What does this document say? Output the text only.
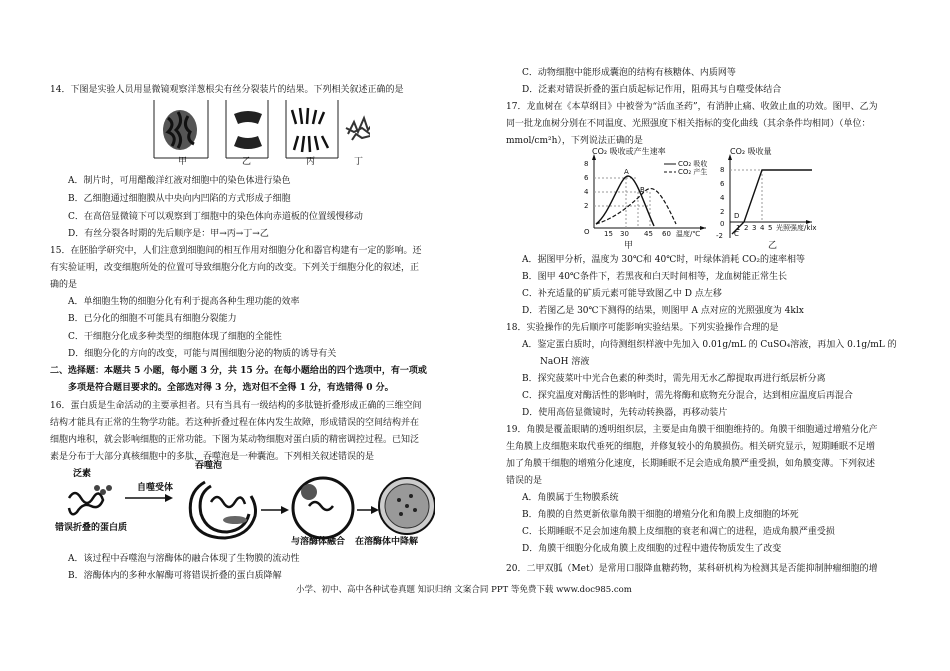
14．下图是实验人员用显微镜观察洋葱根尖有丝分裂装片的结果。下列相关叙述正确的是
甲	乙	丙	丁
A．制片时，可用醋酸洋红液对细胞中的染色体进行染色
B．乙细胞通过细胞膜从中央向内凹陷的方式形成子细胞
C．在高倍显微镜下可以观察到丁细胞中的染色体向赤道板的位置缓慢移动
D．有丝分裂各时期的先后顺序是：甲→丙→丁→乙
15．在胚胎学研究中，人们注意到细胞间的相互作用对细胞分化和器官构建有一定的影响。还
有实验证明，改变细胞所处的位置可导致细胞分化方向的改变。下列关于细胞分化的叙述，正
确的是
A．单细胞生物的细胞分化有利于提高各种生理功能的效率
B．已分化的细胞不可能具有细胞分裂能力
C．干细胞分化成多种类型的细胞体现了细胞的全能性
D．细胞分化的方向的改变，可能与周围细胞分泌的物质的诱导有关
二、选择题：本题共 5 小题，每小题 3 分，共 15 分。在每小题给出的四个选项中，有一项或
多项是符合题目要求的。全部选对得 3 分，选对但不全得 1 分，有选错得 0 分。
16．蛋白质是生命活动的主要承担者。只有当具有一级结构的多肽链折叠形成正确的三维空间
结构才能具有正常的生物学功能。若这种折叠过程在体内发生故障，形成错误的空间结构并在
细胞内堆积，就会影响细胞的正常功能。下图为某动物细胞对蛋白质的精密调控过程。已知泛
素是分布于大部分真核细胞中的多肽，吞噬泡是一种囊泡。下列相关叙述错误的是
泛素
自噬受体
吞噬泡
错误折叠的蛋白质
与溶酶体融合 在溶酶体中降解
A．该过程中吞噬泡与溶酶体的融合体现了生物膜的流动性
B．溶酶体内的多种水解酶可将错误折叠的蛋白质降解
C．动物细胞中能形成囊泡的结构有核糖体、内质网等
D．泛素对错误折叠的蛋白质起标记作用，阻碍其与自噬受体结合
17．龙血树在《本草纲目》中被誉为“活血圣药”，有消肿止痛、收敛止血的功效。图甲、乙为
同一批龙血树分别在不同温度、光照强度下相关指标的变化曲线（其余条件均相同）（单位：
mmol/cm²h），下列说法正确的是
CO₂ 吸收或产生速率
CO₂ 吸收
CO₂ 产生
8
6
4
2
O 15 30 45 60 温度/℃
A
B
甲
CO₂ 吸收量
8
6
4
2
0
-2
1 2 3 4 5 光照强度/klx
D
C
乙
A．据图甲分析，温度为 30℃和 40℃时，叶绿体消耗 CO₂的速率相等
B．图甲 40℃条件下，若黑夜和白天时间相等，龙血树能正常生长
C．补充适量的矿质元素可能导致图乙中 D 点左移
D．若图乙是 30℃下测得的结果，则图甲 A 点对应的光照强度为 4klx
18．实验操作的先后顺序可能影响实验结果。下列实验操作合理的是
A．鉴定蛋白质时，向待测组织样液中先加入 0.01g/mL 的 CuSO₄溶液，再加入 0.1g/mL 的
NaOH 溶液
B．探究菠菜叶中光合色素的种类时，需先用无水乙醇提取再进行纸层析分离
C．探究温度对酶活性的影响时，需先将酶和底物充分混合，达到相应温度后再混合
D．使用高倍显微镜时，先转动转换器，再移动装片
19．角膜是覆盖眼睛的透明组织层，主要是由角膜干细胞维持的。角膜干细胞通过增殖分化产
生角膜上皮细胞来取代垂死的细胞，并修复较小的角膜损伤。相关研究显示，短期睡眠不足增
加了角膜干细胞的增殖分化速度，长期睡眠不足会造成角膜严重受损，如角膜变薄。下列叙述
错误的是
A．角膜属于生物膜系统
B．角膜的自然更新依靠角膜干细胞的增殖分化和角膜上皮细胞的坏死
C．长期睡眠不足会加速角膜上皮细胞的衰老和凋亡的进程，造成角膜严重受损
D．角膜干细胞分化成角膜上皮细胞的过程中遗传物质发生了改变
20．二甲双胍（Met）是常用口服降血糖药物，某科研机构为检测其是否能抑制肿瘤细胞的增
小学、初中、高中各种试卷真题 知识归纳 文案合同 PPT 等免费下载 www.doc985.com
